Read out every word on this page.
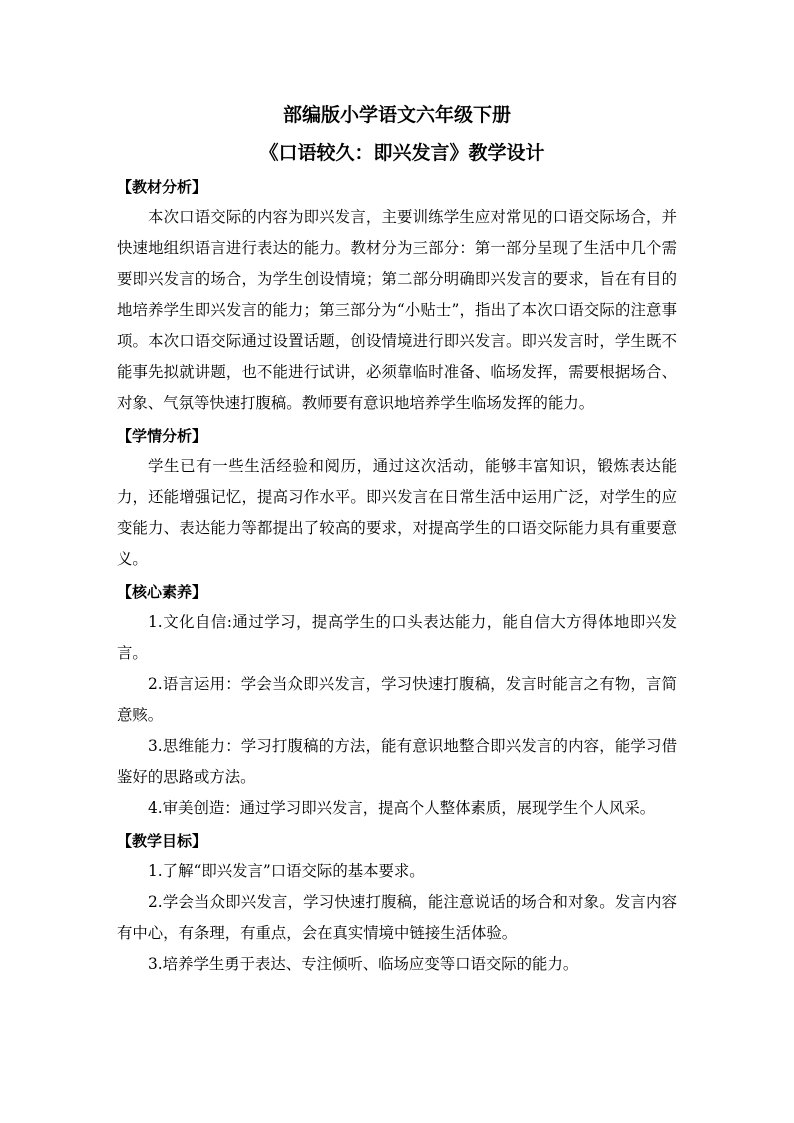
部编版小学语文六年级下册
《口语较久：即兴发言》教学设计
【教材分析】

本次口语交际的内容为即兴发言，主要训练学生应对常见的口语交际场合，并快速地组织语言进行表达的能力。教材分为三部分：第一部分呈现了生活中几个需要即兴发言的场合，为学生创设情境；第二部分明确即兴发言的要求，旨在有目的地培养学生即兴发言的能力；第三部分为“小贴士”，指出了本次口语交际的注意事项。本次口语交际通过设置话题，创设情境进行即兴发言。即兴发言时，学生既不能事先拟就讲题，也不能进行试讲，必须靠临时准备、临场发挥，需要根据场合、对象、气氛等快速打腹稿。教师要有意识地培养学生临场发挥的能力。

【学情分析】

学生已有一些生活经验和阅历，通过这次活动，能够丰富知识，锻炼表达能力，还能增强记忆，提高习作水平。即兴发言在日常生活中运用广泛，对学生的应变能力、表达能力等都提出了较高的要求，对提高学生的口语交际能力具有重要意义。

【核心素养】

1.文化自信:通过学习，提高学生的口头表达能力，能自信大方得体地即兴发言。

2.语言运用：学会当众即兴发言，学习快速打腹稿，发言时能言之有物，言简意赅。

3.思维能力：学习打腹稿的方法，能有意识地整合即兴发言的内容，能学习借鉴好的思路或方法。

4.审美创造：通过学习即兴发言，提高个人整体素质，展现学生个人风采。

【教学目标】

1.了解“即兴发言”口语交际的基本要求。

2.学会当众即兴发言，学习快速打腹稿，能注意说话的场合和对象。发言内容有中心，有条理，有重点，会在真实情境中链接生活体验。

3.培养学生勇于表达、专注倾听、临场应变等口语交际的能力。
